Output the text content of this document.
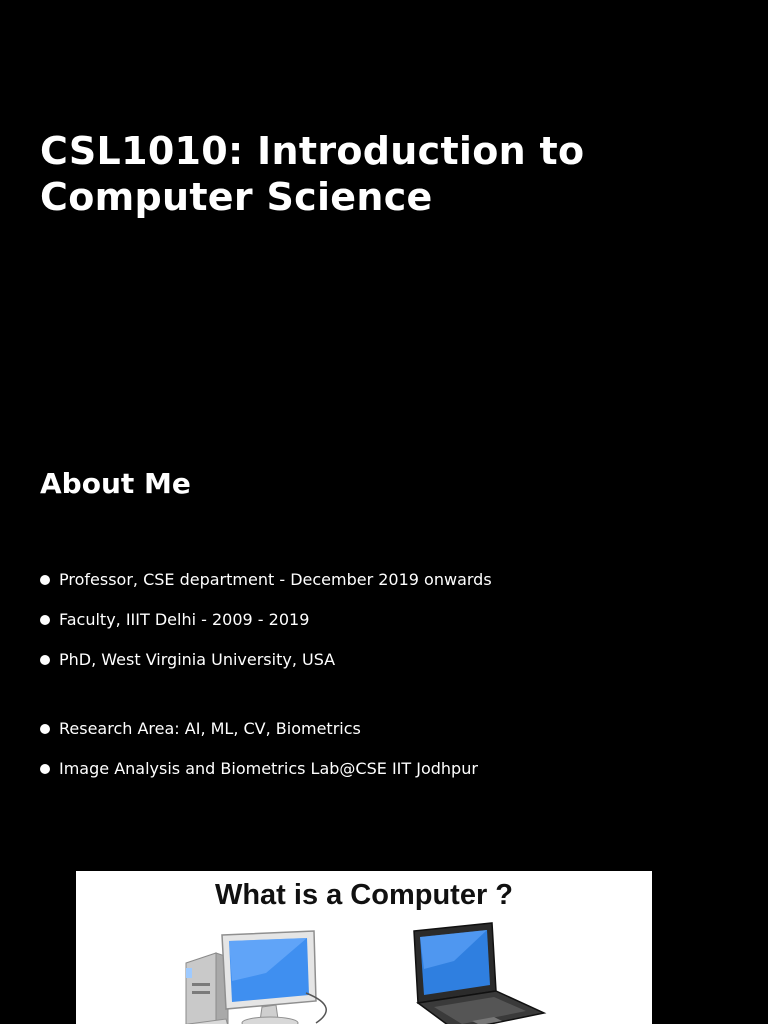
CSL1010: Introduction to
Computer Science
About Me
Professor, CSE department - December 2019 onwards
Faculty, IIIT Delhi - 2009 - 2019
PhD, West Virginia University, USA
Research Area: AI, ML, CV, Biometrics
Image Analysis and Biometrics Lab@CSE IIT Jodhpur
What is a Computer ?
